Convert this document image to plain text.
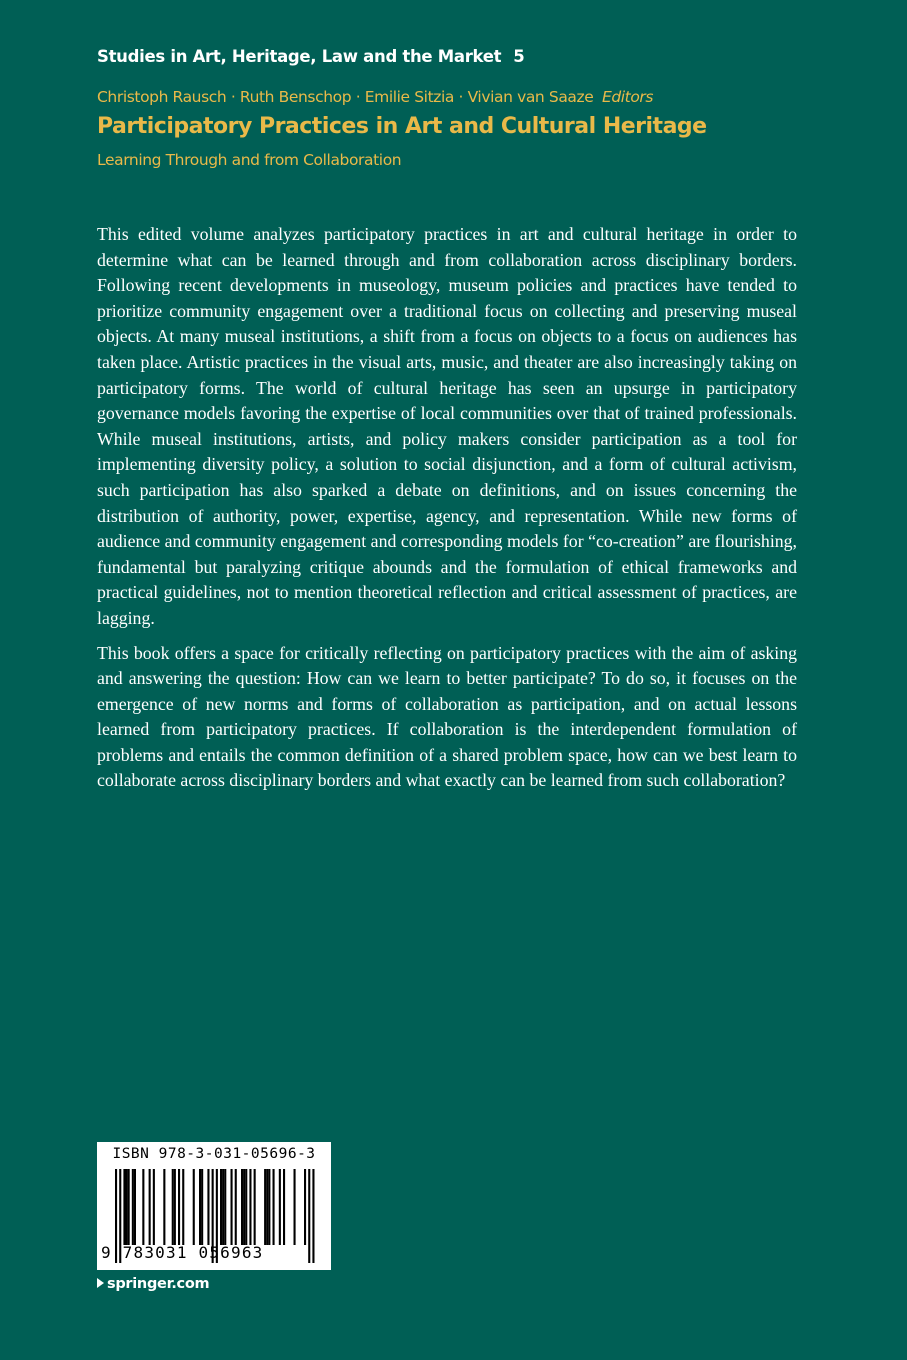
Studies in Art, Heritage, Law and the Market 5
Christoph Rausch · Ruth Benschop · Emilie Sitzia · Vivian van Saaze Editors
Participatory Practices in Art and Cultural Heritage
Learning Through and from Collaboration

This edited volume analyzes participatory practices in art and cultural heritage in order to determine what can be learned through and from collaboration across disciplinary borders. Following recent developments in museology, museum policies and practices have tended to prioritize community engagement over a traditional focus on collecting and preserving museal objects. At many museal institutions, a shift from a focus on objects to a focus on audiences has taken place. Artistic practices in the visual arts, music, and theater are also increasingly taking on participatory forms. The world of cultural heritage has seen an upsurge in participatory governance models favoring the expertise of local communities over that of trained professionals. While museal institutions, artists, and policy makers consider participation as a tool for implementing diversity policy, a solution to social disjunction, and a form of cultural activism, such participation has also sparked a debate on definitions, and on issues concerning the distribution of authority, power, expertise, agency, and representation. While new forms of audience and community engagement and corresponding models for “co-creation” are flourishing, fundamental but paralyzing critique abounds and the formulation of ethical frameworks and practical guidelines, not to mention theoretical reflection and critical assessment of practices, are lagging.

This book offers a space for critically reflecting on participatory practices with the aim of asking and answering the question: How can we learn to better participate? To do so, it focuses on the emergence of new norms and forms of collaboration as participation, and on actual lessons learned from participatory practices. If collaboration is the interdependent formulation of problems and entails the common definition of a shared problem space, how can we best learn to collaborate across disciplinary borders and what exactly can be learned from such collaboration?

ISBN 978-3-031-05696-3
9 783031 056963
springer.com
